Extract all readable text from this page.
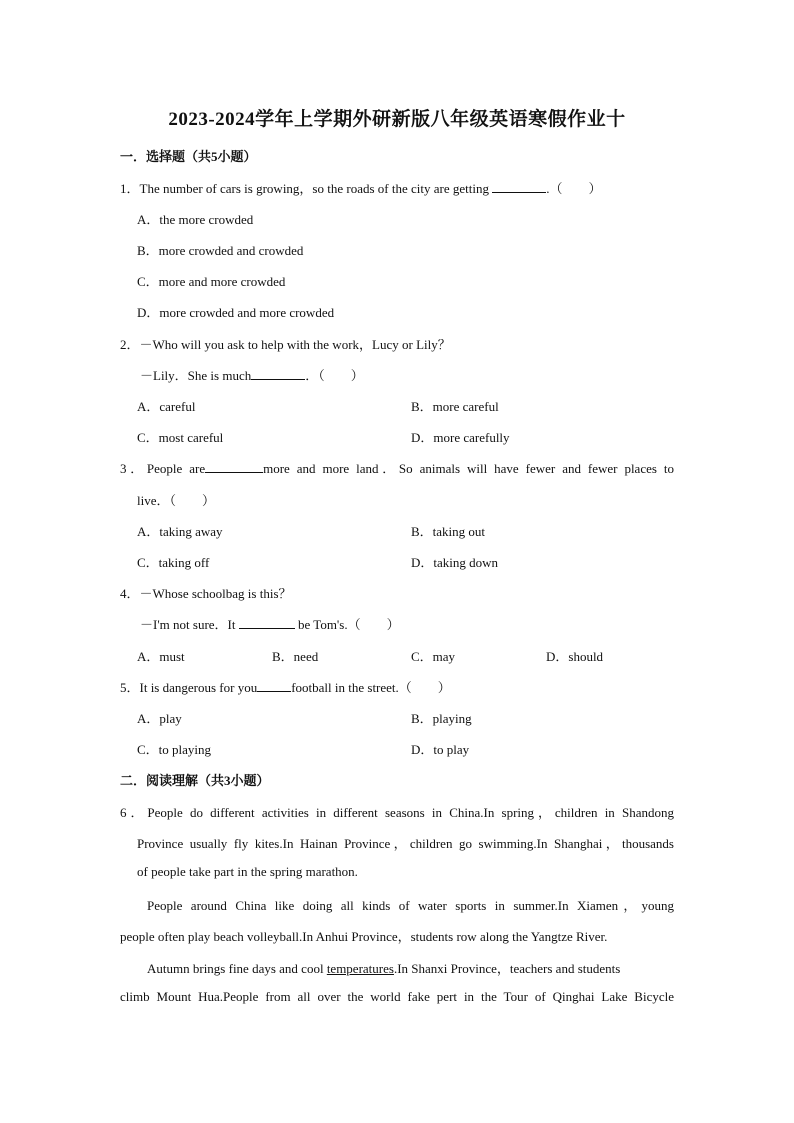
2023-2024学年上学期外研新版八年级英语寒假作业十
一．选择题（共5小题）
1．The number of cars is growing，so the roads of the city are getting	.（　　）
A．the more crowded
B．more crowded and crowded
C．more and more crowded
D．more crowded and more crowded
2．－Who will you ask to help with the work，Lucy or Lily？
－Lily．She is much	．（　　）
A．careful	B．more careful
C．most careful	D．more carefully
3．People are	more and more land．So animals will have fewer and fewer places to
live．（　　）
A．taking away	B．taking out
C．taking off	D．taking down
4．－Whose schoolbag is this？
－I'm not sure．It	be Tom's.（　　）
A．must	B．need	C．may	D．should
5．It is dangerous for you	football in the street.（　　）
A．play	B．playing
C．to playing	D．to play
二．阅读理解（共3小题）
6．People do different activities in different seasons in China.In spring，children in Shandong
Province usually fly kites.In Hainan Province，children go swimming.In Shanghai，thousands
of people take part in the spring marathon.
People around China like doing all kinds of water sports in summer.In Xiamen，young
people often play beach volleyball.In Anhui Province，students row along the Yangtze River.
Autumn brings fine days and cool temperatures.In Shanxi Province，teachers and students
climb Mount Hua.People from all over the world fake pert in the Tour of Qinghai Lake Bicycle
